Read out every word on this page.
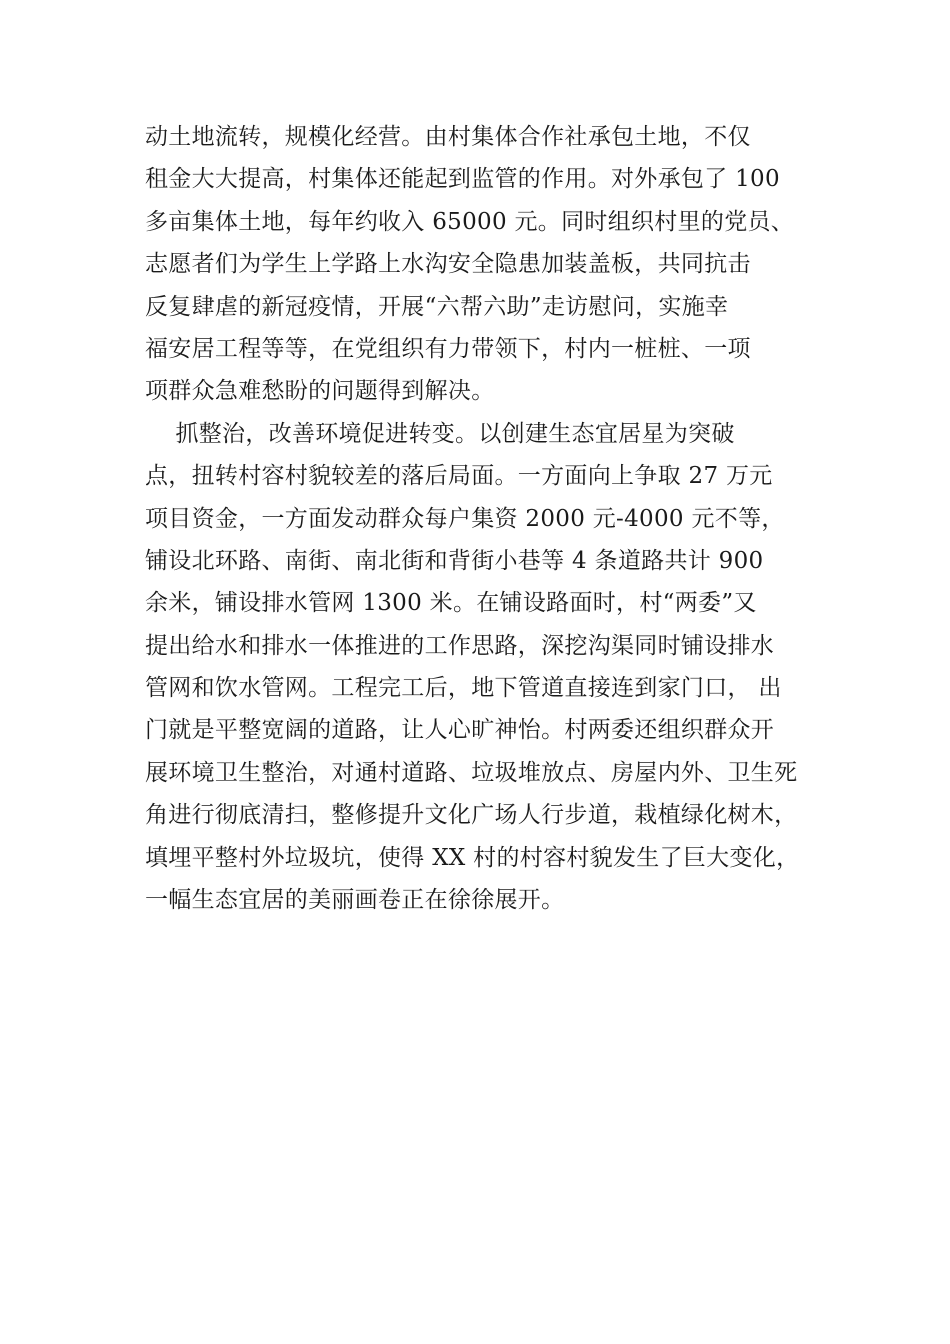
动土地流转，规模化经营。由村集体合作社承包土地，不仅
租金大大提高，村集体还能起到监管的作用。对外承包了 100
多亩集体土地，每年约收入 65000 元。同时组织村里的党员、
志愿者们为学生上学路上水沟安全隐患加装盖板，共同抗击
反复肆虐的新冠疫情，开展“六帮六助”走访慰问，实施幸
福安居工程等等，在党组织有力带领下，村内一桩桩、一项
项群众急难愁盼的问题得到解决。
抓整治，改善环境促进转变。以创建生态宜居星为突破
点，扭转村容村貌较差的落后局面。一方面向上争取 27 万元
项目资金，一方面发动群众每户集资 2000 元-4000 元不等，
铺设北环路、南街、南北街和背街小巷等 4 条道路共计 900
余米，铺设排水管网 1300 米。在铺设路面时，村“两委”又
提出给水和排水一体推进的工作思路，深挖沟渠同时铺设排水
管网和饮水管网。工程完工后，地下管道直接连到家门口， 出
门就是平整宽阔的道路，让人心旷神怡。村两委还组织群众开
展环境卫生整治，对通村道路、垃圾堆放点、房屋内外、卫生死
角进行彻底清扫，整修提升文化广场人行步道，栽植绿化树木，
填埋平整村外垃圾坑，使得 XX 村的村容村貌发生了巨大变化，
一幅生态宜居的美丽画卷正在徐徐展开。
